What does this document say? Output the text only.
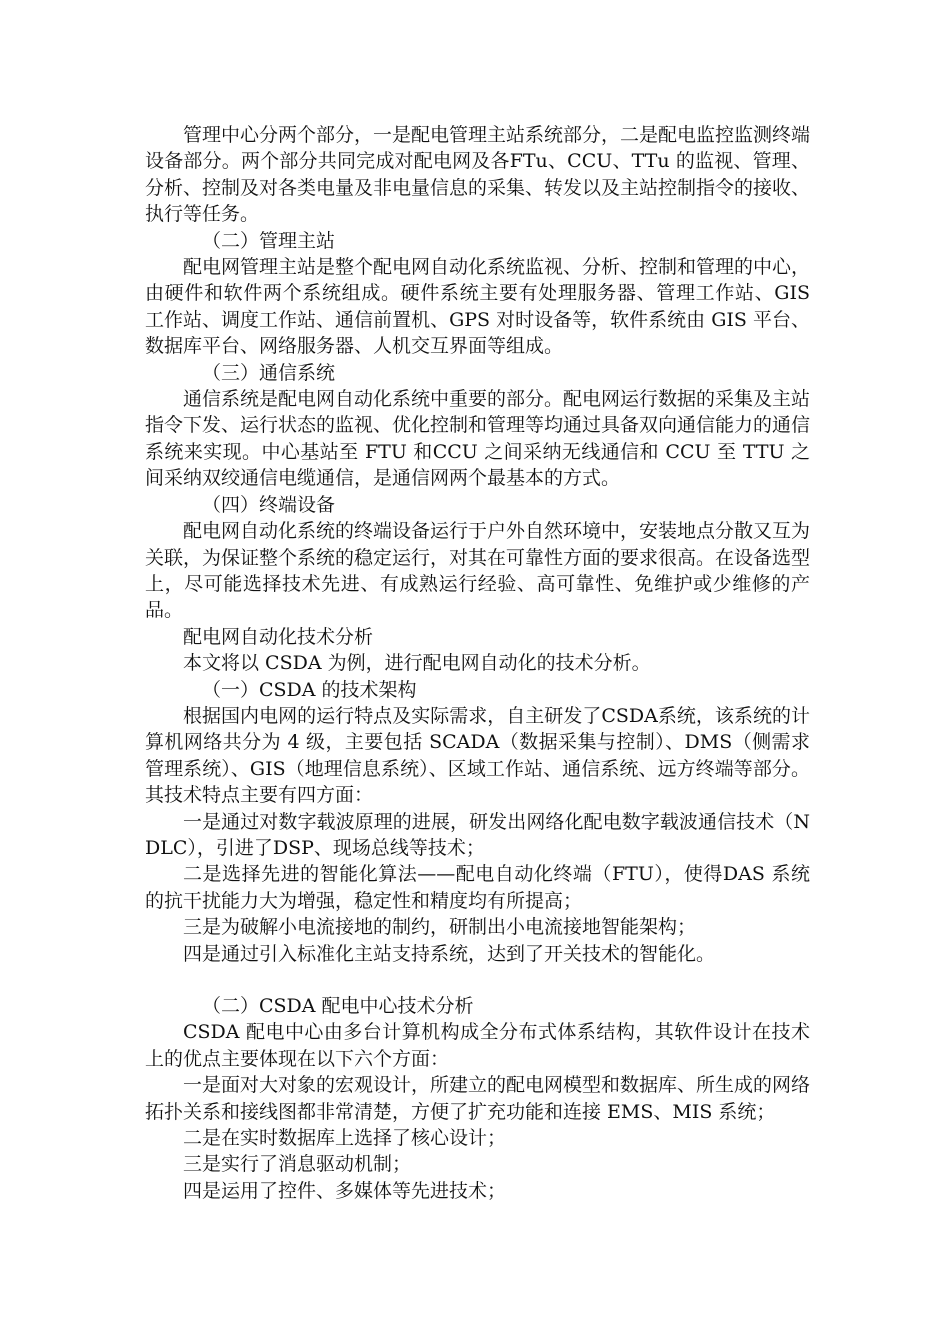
管理中心分两个部分，一是配电管理主站系统部分，二是配电监控监测终端设备部分。两个部分共同完成对配电网及各FTu、CCU、TTu 的监视、管理、分析、控制及对各类电量及非电量信息的采集、转发以及主站控制指令的接收、执行等任务。

（二）管理主站

配电网管理主站是整个配电网自动化系统监视、分析、控制和管理的中心，由硬件和软件两个系统组成。硬件系统主要有处理服务器、管理工作站、GIS 工作站、调度工作站、通信前置机、GPS 对时设备等，软件系统由 GIS 平台、数据库平台、网络服务器、人机交互界面等组成。

（三）通信系统

通信系统是配电网自动化系统中重要的部分。配电网运行数据的采集及主站指令下发、运行状态的监视、优化控制和管理等均通过具备双向通信能力的通信系统来实现。中心基站至 FTU 和CCU 之间采纳无线通信和 CCU 至 TTU 之间采纳双绞通信电缆通信，是通信网两个最基本的方式。

（四）终端设备

配电网自动化系统的终端设备运行于户外自然环境中，安装地点分散又互为关联，为保证整个系统的稳定运行，对其在可靠性方面的要求很高。在设备选型上，尽可能选择技术先进、有成熟运行经验、高可靠性、免维护或少维修的产品。

配电网自动化技术分析

本文将以 CSDA 为例，进行配电网自动化的技术分析。

（一）CSDA 的技术架构

根据国内电网的运行特点及实际需求，自主研发了CSDA系统，该系统的计算机网络共分为 4 级，主要包括 SCADA（数据采集与控制）、DMS（侧需求管理系统）、GIS（地理信息系统）、区域工作站、通信系统、远方终端等部分。其技术特点主要有四方面：

一是通过对数字载波原理的进展，研发出网络化配电数字载波通信技术（NDLC），引进了DSP、现场总线等技术；

二是选择先进的智能化算法——配电自动化终端（FTU），使得DAS 系统的抗干扰能力大为增强，稳定性和精度均有所提高；

三是为破解小电流接地的制约，研制出小电流接地智能架构；

四是通过引入标准化主站支持系统，达到了开关技术的智能化。

（二）CSDA 配电中心技术分析

CSDA 配电中心由多台计算机构成全分布式体系结构，其软件设计在技术上的优点主要体现在以下六个方面：

一是面对大对象的宏观设计，所建立的配电网模型和数据库、所生成的网络拓扑关系和接线图都非常清楚，方便了扩充功能和连接 EMS、MIS 系统；

二是在实时数据库上选择了核心设计；

三是实行了消息驱动机制；

四是运用了控件、多媒体等先进技术；
